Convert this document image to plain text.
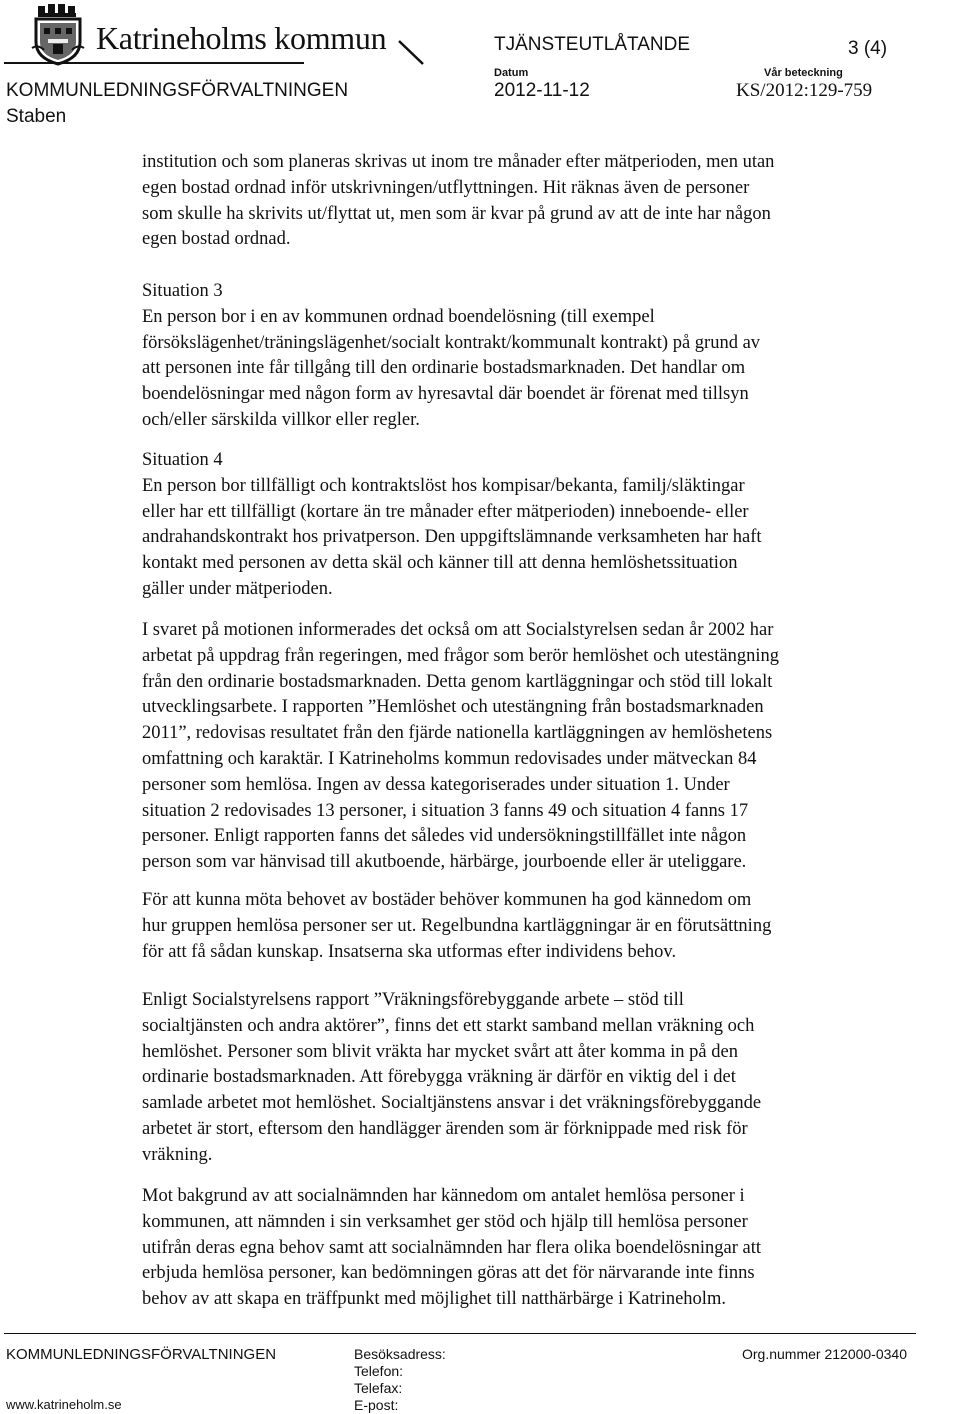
Katrineholms kommun	TJÄNSTEUTLÅTANDE	3 (4)
Datum	Vår beteckning
KOMMUNLEDNINGSFÖRVALTNINGEN	2012-11-12	KS/2012:129-759
Staben
institution och som planeras skrivas ut inom tre månader efter mätperioden, men utan
egen bostad ordnad inför utskrivningen/utflyttningen. Hit räknas även de personer
som skulle ha skrivits ut/flyttat ut, men som är kvar på grund av att de inte har någon
egen bostad ordnad.
Situation 3
En person bor i en av kommunen ordnad boendelösning (till exempel
försökslägenhet/träningslägenhet/socialt kontrakt/kommunalt kontrakt) på grund av
att personen inte får tillgång till den ordinarie bostadsmarknaden. Det handlar om
boendelösningar med någon form av hyresavtal där boendet är förenat med tillsyn
och/eller särskilda villkor eller regler.
Situation 4
En person bor tillfälligt och kontraktslöst hos kompisar/bekanta, familj/släktingar
eller har ett tillfälligt (kortare än tre månader efter mätperioden) inneboende- eller
andrahandskontrakt hos privatperson. Den uppgiftslämnande verksamheten har haft
kontakt med personen av detta skäl och känner till att denna hemlöshetssituation
gäller under mätperioden.
I svaret på motionen informerades det också om att Socialstyrelsen sedan år 2002 har
arbetat på uppdrag från regeringen, med frågor som berör hemlöshet och utestängning
från den ordinarie bostadsmarknaden. Detta genom kartläggningar och stöd till lokalt
utvecklingsarbete. I rapporten ”Hemlöshet och utestängning från bostadsmarknaden
2011”, redovisas resultatet från den fjärde nationella kartläggningen av hemlöshetens
omfattning och karaktär. I Katrineholms kommun redovisades under mätveckan 84
personer som hemlösa. Ingen av dessa kategoriserades under situation 1. Under
situation 2 redovisades 13 personer, i situation 3 fanns 49 och situation 4 fanns 17
personer. Enligt rapporten fanns det således vid undersökningstillfället inte någon
person som var hänvisad till akutboende, härbärge, jourboende eller är uteliggare.
För att kunna möta behovet av bostäder behöver kommunen ha god kännedom om
hur gruppen hemlösa personer ser ut. Regelbundna kartläggningar är en förutsättning
för att få sådan kunskap. Insatserna ska utformas efter individens behov.
Enligt Socialstyrelsens rapport ”Vräkningsförebyggande arbete – stöd till
socialtjänsten och andra aktörer”, finns det ett starkt samband mellan vräkning och
hemlöshet. Personer som blivit vräkta har mycket svårt att åter komma in på den
ordinarie bostadsmarknaden. Att förebygga vräkning är därför en viktig del i det
samlade arbetet mot hemlöshet. Socialtjänstens ansvar i det vräkningsförebyggande
arbetet är stort, eftersom den handlägger ärenden som är förknippade med risk för
vräkning.
Mot bakgrund av att socialnämnden har kännedom om antalet hemlösa personer i
kommunen, att nämnden i sin verksamhet ger stöd och hjälp till hemlösa personer
utifrån deras egna behov samt att socialnämnden har flera olika boendelösningar att
erbjuda hemlösa personer, kan bedömningen göras att det för närvarande inte finns
behov av att skapa en träffpunkt med möjlighet till natthärbärge i Katrineholm.
KOMMUNLEDNINGSFÖRVALTNINGEN
www.katrineholm.se
Besöksadress:
Telefon:
Telefax:
E-post:
Org.nummer 212000-0340
